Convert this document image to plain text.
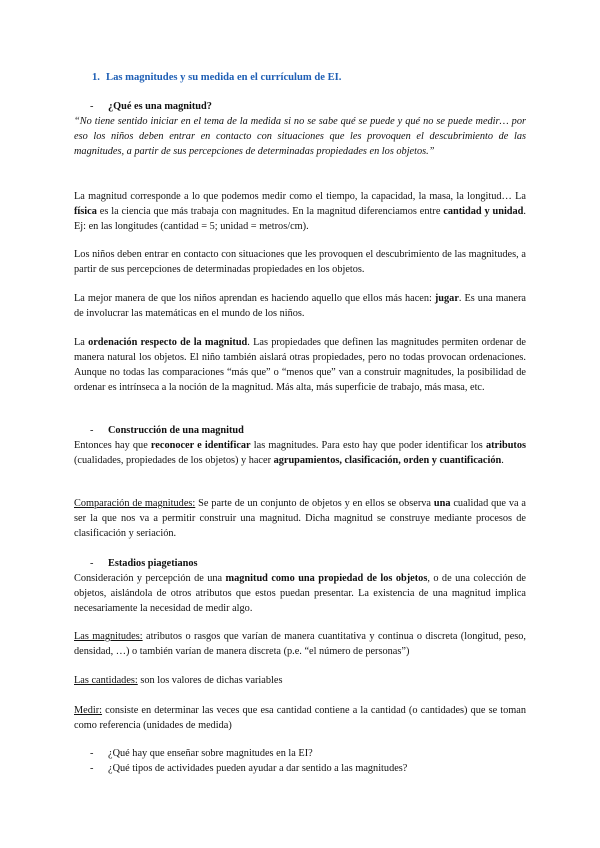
1. Las magnitudes y su medida en el currículum de EI.

- ¿Qué es una magnitud?

“No tiene sentido iniciar en el tema de la medida si no se sabe qué se puede y qué no se puede medir… por eso los niños deben entrar en contacto con situaciones que les provoquen el descubrimiento de las magnitudes, a partir de sus percepciones de determinadas propiedades en los objetos.”

La magnitud corresponde a lo que podemos medir como el tiempo, la capacidad, la masa, la longitud… La física es la ciencia que más trabaja con magnitudes. En la magnitud diferenciamos entre cantidad y unidad. Ej: en las longitudes (cantidad = 5; unidad = metros/cm).

Los niños deben entrar en contacto con situaciones que les provoquen el descubrimiento de las magnitudes, a partir de sus percepciones de determinadas propiedades en los objetos.

La mejor manera de que los niños aprendan es haciendo aquello que ellos más hacen: jugar. Es una manera de involucrar las matemáticas en el mundo de los niños.

La ordenación respecto de la magnitud. Las propiedades que definen las magnitudes permiten ordenar de manera natural los objetos. El niño también aislará otras propiedades, pero no todas provocan ordenaciones. Aunque no todas las comparaciones “más que” o “menos que” van a construir magnitudes, la posibilidad de ordenar es intrínseca a la noción de la magnitud. Más alta, más superficie de trabajo, más masa, etc.

- Construcción de una magnitud

Entonces hay que reconocer e identificar las magnitudes. Para esto hay que poder identificar los atributos (cualidades, propiedades de los objetos) y hacer agrupamientos, clasificación, orden y cuantificación.

Comparación de magnitudes: Se parte de un conjunto de objetos y en ellos se observa una cualidad que va a ser la que nos va a permitir construir una magnitud. Dicha magnitud se construye mediante procesos de clasificación y seriación.

- Estadios piagetianos

Consideración y percepción de una magnitud como una propiedad de los objetos, o de una colección de objetos, aislándola de otros atributos que estos puedan presentar. La existencia de una magnitud implica necesariamente la necesidad de medir algo.

Las magnitudes: atributos o rasgos que varían de manera cuantitativa y continua o discreta (longitud, peso, densidad, …) o también varían de manera discreta (p.e. “el número de personas”)

Las cantidades: son los valores de dichas variables

Medir: consiste en determinar las veces que esa cantidad contiene a la cantidad (o cantidades) que se toman como referencia (unidades de medida)

- ¿Qué hay que enseñar sobre magnitudes en la EI?

- ¿Qué tipos de actividades pueden ayudar a dar sentido a las magnitudes?
